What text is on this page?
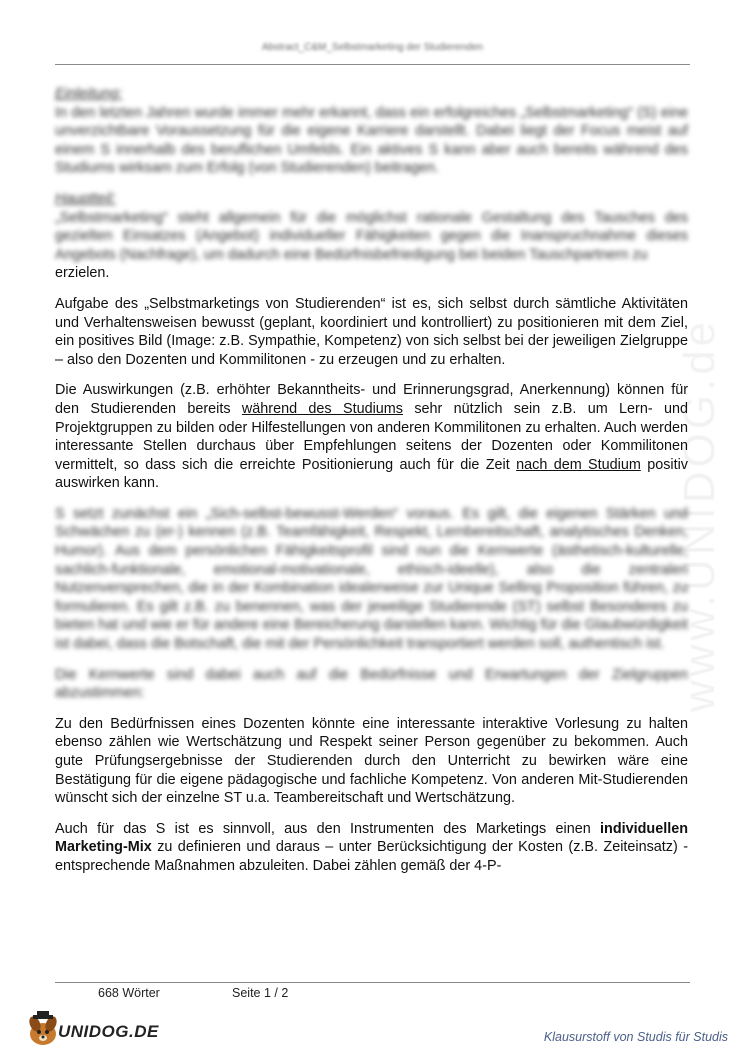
Abstract_C&M_Selbstmarketing der Studierenden
www.UNIDOG.de

Einleitung:
In den letzten Jahren wurde immer mehr erkannt, dass ein erfolgreiches „Selbstmarketing“ (S) eine unverzichtbare Voraussetzung für die eigene Karriere darstellt. Dabei liegt der Focus meist auf einem S innerhalb des beruflichen Umfelds. Ein aktives S kann aber auch bereits während des Studiums wirksam zum Erfolg (von Studierenden) beitragen.

Hauptteil:
„Selbstmarketing“ steht allgemein für die möglichst rationale Gestaltung des Tausches des gezielten Einsatzes (Angebot) individueller Fähigkeiten gegen die Inanspruchnahme dieses Angebots (Nachfrage), um dadurch eine Bedürfnisbefriedigung bei beiden Tauschpartnern zu
erzielen.

Aufgabe des „Selbstmarketings von Studierenden“ ist es, sich selbst durch sämtliche Aktivitäten und Verhaltensweisen bewusst (geplant, koordiniert und kontrolliert) zu positionieren mit dem Ziel, ein positives Bild (Image: z.B. Sympathie, Kompetenz) von sich selbst bei der jeweiligen Zielgruppe – also den Dozenten und Kommilitonen - zu erzeugen und zu erhalten.

Die Auswirkungen (z.B. erhöhter Bekanntheits- und Erinnerungsgrad, Anerkennung) können für den Studierenden bereits während des Studiums sehr nützlich sein z.B. um Lern- und Projektgruppen zu bilden oder Hilfestellungen von anderen Kommilitonen zu erhalten. Auch werden interessante Stellen durchaus über Empfehlungen seitens der Dozenten oder Kommilitonen vermittelt, so dass sich die erreichte Positionierung auch für die Zeit nach dem Studium positiv auswirken kann.

S setzt zunächst ein „Sich-selbst-bewusst-Werden“ voraus. Es gilt, die eigenen Stärken und Schwächen zu (er-) kennen (z.B. Teamfähigkeit, Respekt, Lernbereitschaft, analytisches Denken, Humor). Aus dem persönlichen Fähigkeitsprofil sind nun die Kernwerte (ästhetisch-kulturelle, sachlich-funktionale, emotional-motivationale, ethisch-ideelle), also die zentralen Nutzenversprechen, die in der Kombination idealerweise zur Unique Selling Proposition führen, zu formulieren. Es gilt z.B. zu benennen, was der jeweilige Studierende (ST) selbst Besonderes zu bieten hat und wie er für andere eine Bereicherung darstellen kann. Wichtig für die Glaubwürdigkeit ist dabei, dass die Botschaft, die mit der Persönlichkeit transportiert werden soll, authentisch ist.

Die Kernwerte sind dabei auch auf die Bedürfnisse und Erwartungen der Zielgruppen abzustimmen:

Zu den Bedürfnissen eines Dozenten könnte eine interessante interaktive Vorlesung zu halten ebenso zählen wie Wertschätzung und Respekt seiner Person gegenüber zu bekommen. Auch gute Prüfungsergebnisse der Studierenden durch den Unterricht zu bewirken wäre eine Bestätigung für die eigene pädagogische und fachliche Kompetenz. Von anderen Mit-Studierenden wünscht sich der einzelne ST u.a. Teambereitschaft und Wertschätzung.

Auch für das S ist es sinnvoll, aus den Instrumenten des Marketings einen individuellen Marketing-Mix zu definieren und daraus – unter Berücksichtigung der Kosten (z.B. Zeiteinsatz) - entsprechende Maßnahmen abzuleiten. Dabei zählen gemäß der 4-P-

668 Wörter	Seite 1 / 2
UNIDOG.DE	Klausurstoff von Studis für Studis
